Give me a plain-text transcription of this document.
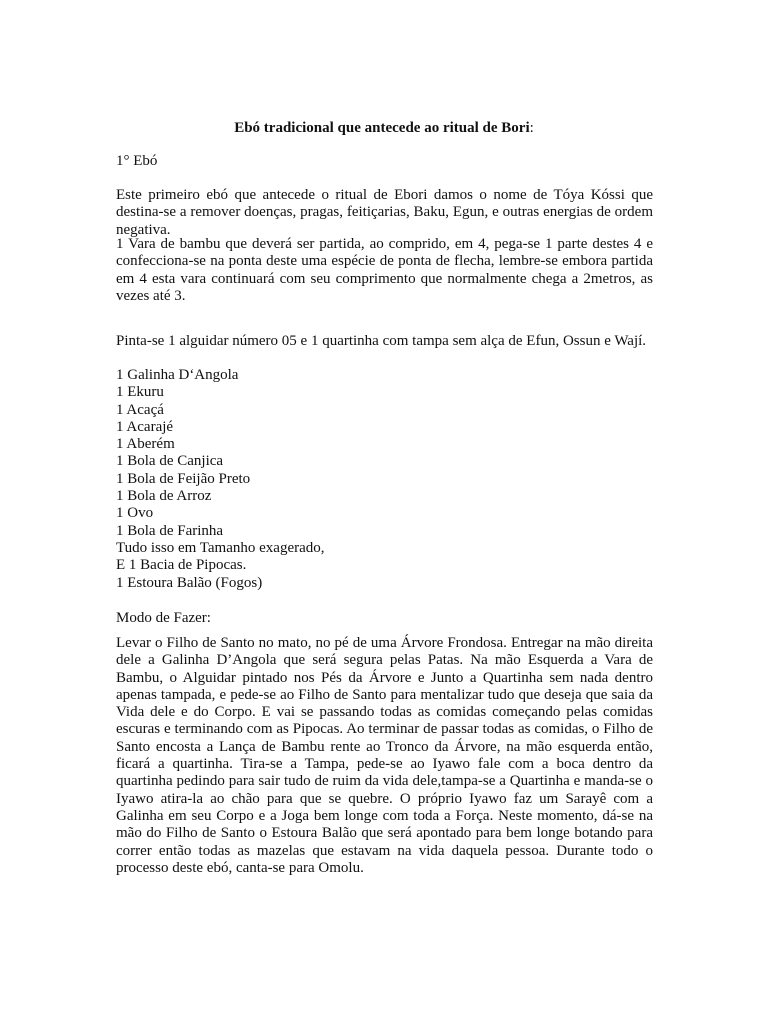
Ebó tradicional que antecede ao ritual de Bori:
1° Ebó
Este primeiro ebó que antecede o ritual de Ebori damos o nome de Tóya Kóssi que destina-se a remover doenças, pragas, feitiçarias, Baku, Egun, e outras energias de ordem negativa.
1 Vara de bambu que deverá ser partida, ao comprido, em 4, pega-se 1 parte destes 4 e confecciona-se na ponta deste uma espécie de ponta de flecha, lembre-se embora partida em 4 esta vara continuará com seu comprimento que normalmente chega a 2metros, as vezes até 3.
Pinta-se 1 alguidar número 05 e 1 quartinha com tampa sem alça de Efun, Ossun e Wají.
1 Galinha D‘Angola
1 Ekuru
1 Acaçá
1 Acarajé
1 Aberém
1 Bola de Canjica
1 Bola de Feijão Preto
1 Bola de Arroz
1 Ovo
1 Bola de Farinha
Tudo isso em Tamanho exagerado,
E 1 Bacia de Pipocas.
1 Estoura Balão (Fogos)
Modo de Fazer:
Levar o Filho de Santo no mato, no pé de uma Árvore Frondosa. Entregar na mão direita dele a Galinha D’Angola que será segura pelas Patas. Na mão Esquerda a Vara de Bambu, o Alguidar pintado nos Pés da Árvore e Junto a Quartinha sem nada dentro apenas tampada, e pede-se ao Filho de Santo para mentalizar tudo que deseja que saia da Vida dele e do Corpo. E vai se passando todas as comidas começando pelas comidas escuras e terminando com as Pipocas. Ao terminar de passar todas as comidas, o Filho de Santo encosta a Lança de Bambu rente ao Tronco da Árvore, na mão esquerda então, ficará a quartinha. Tira-se a Tampa, pede-se ao Iyawo fale com a boca dentro da quartinha pedindo para sair tudo de ruim da vida dele,tampa-se a Quartinha e manda-se o Iyawo atira-la ao chão para que se quebre. O próprio Iyawo faz um Sarayê com a Galinha em seu Corpo e a Joga bem longe com toda a Força. Neste momento, dá-se na mão do Filho de Santo o Estoura Balão que será apontado para bem longe botando para correr então todas as mazelas que estavam na vida daquela pessoa. Durante todo o processo deste ebó, canta-se para Omolu.
